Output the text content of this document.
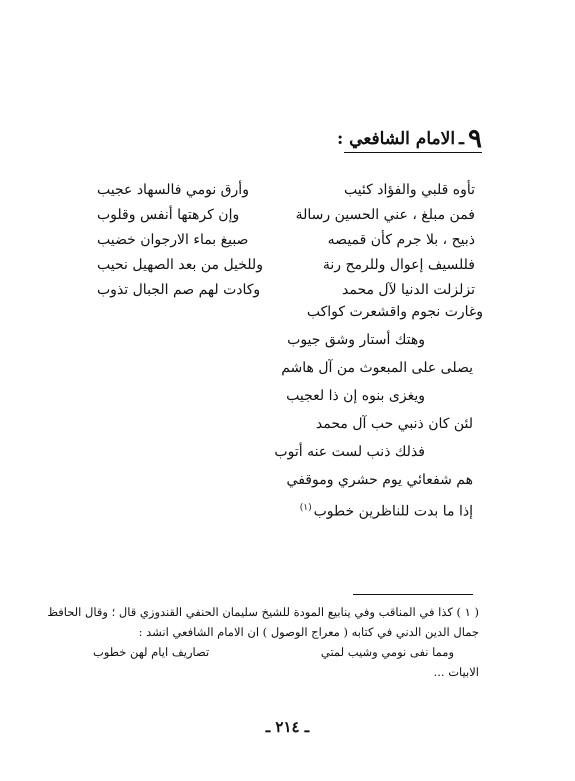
٩
ـ
الامام الشافعي :
تأوه قلبي والفؤاد كئيب
وأرق نومي فالسهاد عجيب
فمن مبلغ ، عني الحسين رسالة
وإن كرهتها أنفس وقلوب
ذبيح ، بلا جرم كأن قميصه
صبيغ بماء الارجوان خضيب
فللسيف إعوال وللرمح رنة
وللخيل من بعد الصهيل نحيب
تزلزلت الدنيا لآل محمد
وكادت لهم صم الجبال تذوب
وغارت نجوم واقشعرت كواكب
وهتك أستار وشق جيوب
يصلى على المبعوث من آل هاشم
ويغزى بنوه إن ذا لعجيب
لئن كان ذنبي حب آل محمد
فذلك ذنب لست عنه أتوب
هم شفعائي يوم حشري وموقفي
إذا ما بدت للناظرين خطوب$^{(١)}$
( ١ ) كذا في المناقب وفي ينابيع المودة للشيخ سليمان الحنفي القندوزي قال ؛ وقال الحافظ
جمال الدين الدني في كتابه ( معراج الوصول ) ان الامام الشافعي انشد :
ومما نفى نومي وشيب لمتي
تصاريف ايام لهن خطوب
الابيات ...
ـ ٢١٤ ـ
